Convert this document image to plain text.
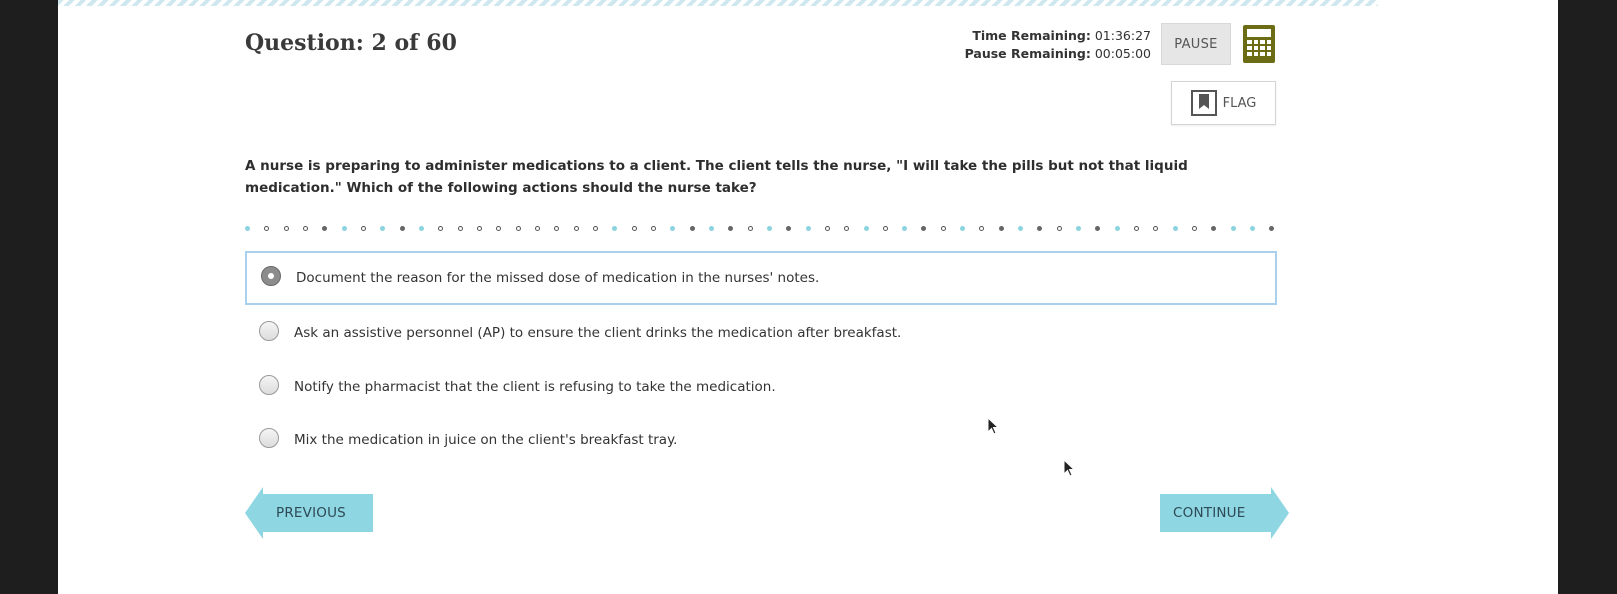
Question: 2 of 60	Time Remaining: 01:36:27
Pause Remaining: 00:05:00
PAUSE
FLAG
A nurse is preparing to administer medications to a client. The client tells the nurse, "I will take the pills but not that liquid medication." Which of the following actions should the nurse take?
Document the reason for the missed dose of medication in the nurses' notes.
Ask an assistive personnel (AP) to ensure the client drinks the medication after breakfast.
Notify the pharmacist that the client is refusing to take the medication.
Mix the medication in juice on the client's breakfast tray.
PREVIOUS	CONTINUE
